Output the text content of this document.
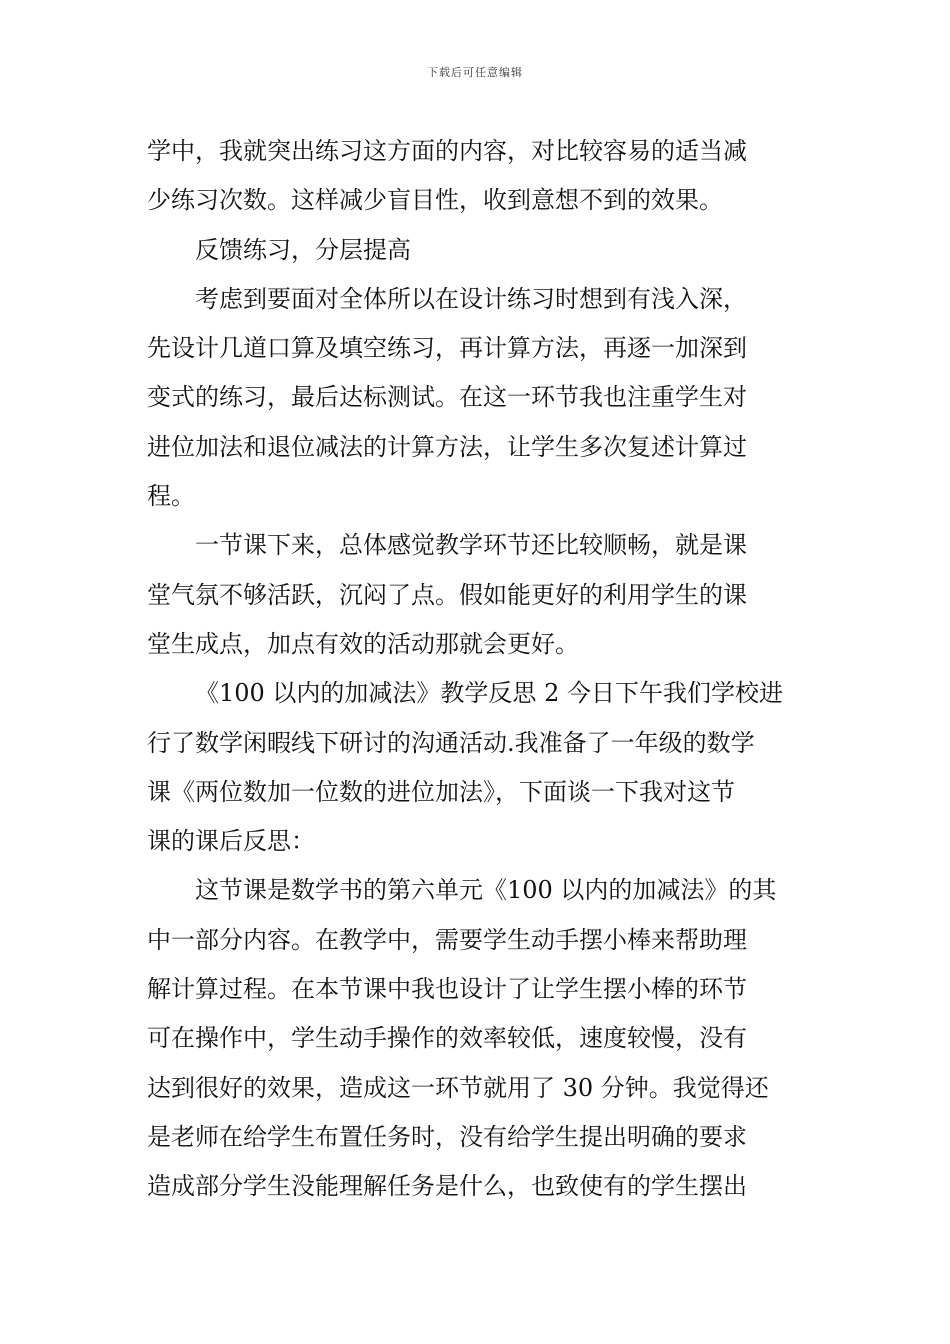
下载后可任意编辑
学中，我就突出练习这方面的内容，对比较容易的适当减
少练习次数。这样减少盲目性，收到意想不到的效果。
反馈练习，分层提高
考虑到要面对全体所以在设计练习时想到有浅入深，
先设计几道口算及填空练习，再计算方法，再逐一加深到
变式的练习，最后达标测试。在这一环节我也注重学生对
进位加法和退位减法的计算方法，让学生多次复述计算过
程。
一节课下来，总体感觉教学环节还比较顺畅，就是课
堂气氛不够活跃，沉闷了点。假如能更好的利用学生的课
堂生成点，加点有效的活动那就会更好。
《100 以内的加减法》教学反思 2 今日下午我们学校进
行了数学闲暇线下研讨的沟通活动.我准备了一年级的数学
课《两位数加一位数的进位加法》，下面谈一下我对这节
课的课后反思：
这节课是数学书的第六单元《100 以内的加减法》的其
中一部分内容。在教学中，需要学生动手摆小棒来帮助理
解计算过程。在本节课中我也设计了让学生摆小棒的环节
可在操作中，学生动手操作的效率较低，速度较慢，没有
达到很好的效果，造成这一环节就用了 30 分钟。我觉得还
是老师在给学生布置任务时，没有给学生提出明确的要求
造成部分学生没能理解任务是什么，也致使有的学生摆出
